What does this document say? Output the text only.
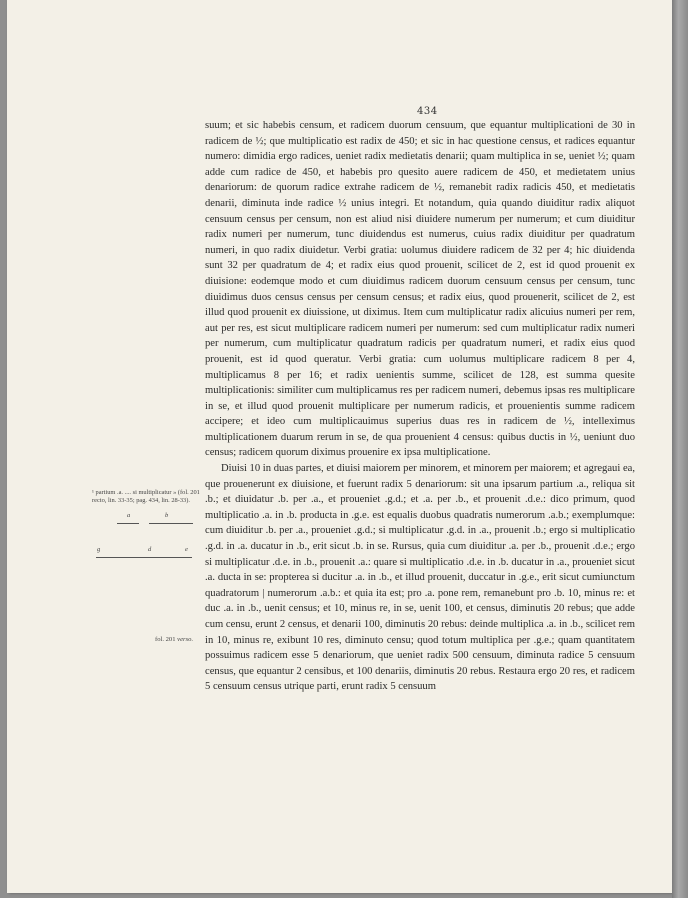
434

suum; et sic habebis censum, et radicem duorum censuum, que equantur multiplicationi de 30 in radicem de ½; que multiplicatio est radix de 450; et sic in hac questione census, et radices equantur numero: dimidia ergo radices, ueniet radix medietatis denarii; quam multiplica in se, ueniet ½; quam adde cum radice de 450, et habebis pro quesito auere radicem de 450, et medietatem unius denariorum: de quorum radice extrahe radicem de ½, remanebit radix radicis 450, et medietatis denarii, diminuta inde radice ½ unius integri. Et notandum, quia quando diuiditur radix aliquot censuum census per censum, non est aliud nisi diuidere numerum per numerum; et cum diuiditur radix numeri per numerum, tunc diuidendus est numerus, cuius radix diuiditur per quadratum numeri, in quo radix diuidetur. Verbi gratia: uolumus diuidere radicem de 32 per 4; hic diuidenda sunt 32 per quadratum de 4; et radix eius quod prouenit, scilicet de 2, est id quod prouenit ex diuisione: eodemque modo et cum diuidimus radicem duorum censuum census per censum, tunc diuidimus duos census census per censum census; et radix eius, quod prouenerit, scilicet de 2, est illud quod prouenit ex diuissione, ut diximus. Item cum multiplicatur radix alicuius numeri per rem, aut per res, est sicut multiplicare radicem numeri per numerum: sed cum multiplicatur radix numeri per numerum, cum multiplicatur quadratum radicis per quadratum numeri, et radix eius quod prouenit, est id quod queratur. Verbi gratia: cum uolumus multiplicare radicem 8 per 4, multiplicamus 8 per 16; et radix uenientis summe, scilicet de 128, est summa quesite multiplicationis: similiter cum multiplicamus res per radicem numeri, debemus ipsas res multiplicare in se, et illud quod prouenit multiplicare per numerum radicis, et prouenientis summe radicem accipere; et ideo cum multiplicauimus superius duas res in radicem de ½, intelleximus multiplicationem duarum rerum in se, de qua prouenient 4 census: quibus ductis in ½, ueniunt duo census; radicem quorum diximus prouenire ex ipsa multiplicatione.

Diuisi 10 in duas partes, et diuisi maiorem per minorem, et minorem per maiorem; et agregaui ea, que prouenerunt ex diuisione, et fuerunt radix 5 denariorum: sit una ipsarum partium .a., reliqua sit .b.; et diuidatur .b. per .a., et proueniet .g.d.; et .a. per .b., et prouenit .d.e.: dico primum, quod multiplicatio .a. in .b. producta in .g.e. est equalis duobus quadratis numerorum .a.b.; exemplumque: cum diuiditur .b. per .a., proueniet .g.d.; si multiplicatur .g.d. in .a., prouenit .b.; ergo si multiplicatio .g.d. in .a. ducatur in .b., erit sicut .b. in se. Rursus, quia cum diuiditur .a. per .b., prouenit .d.e.; ergo si multiplicatur .d.e. in .b., prouenit .a.: quare si multiplicatio .d.e. in .b. ducatur in .a., proueniet sicut .a. ducta in se: propterea si ducitur .a. in .b., et illud prouenit, duccatur in .g.e., erit sicut cumiunctum quadratorum | numerorum .a.b.: et quia ita est; pro .a. pone rem, remanebunt pro .b. 10, minus re: et duc .a. in .b., uenit census; et 10, minus re, in se, uenit 100, et census, diminutis 20 rebus; que adde cum censu, erunt 2 census, et denarii 100, diminutis 20 rebus: deinde multiplica .a. in .b., scilicet rem in 10, minus re, exibunt 10 res, diminuto censu; quod totum multiplica per .g.e.; quam quantitatem possuimus radicem esse 5 denariorum, que ueniet radix 500 censuum, diminuta radice 5 censuum census, que equantur 2 censibus, et 100 denariis, diminutis 20 rebus. Restaura ergo 20 res, et radicem 5 censuum census utrique parti, erunt radix 5 censuum

¹ partium .a. .... si multiplicatur » (fol. 201 recto, lin. 33-35; pag. 434, lin. 28-33).
a	b
g	d	e
fol. 201 verso.
